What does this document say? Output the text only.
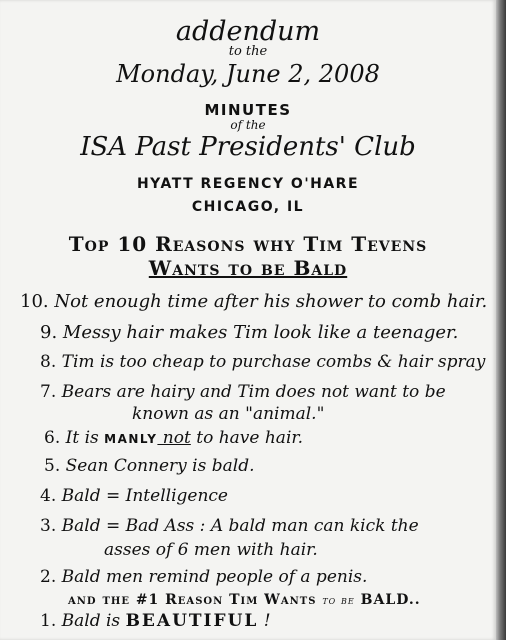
addendum
to the
Monday, June 2, 2008
MINUTES
of the
ISA Past Presidents' Club
HYATT REGENCY O'HARE
CHICAGO, IL
Top 10 Reasons why Tim Tevens
Wants to be Bald
10. Not enough time after his shower to comb hair.
9. Messy hair makes Tim look like a teenager.
8. Tim is too cheap to purchase combs & hair spray
7. Bears are hairy and Tim does not want to be
known as an "animal."
6. It is MANLY not to have hair.
5. Sean Connery is bald.
4. Bald = Intelligence
3. Bald = Bad Ass : A bald man can kick the
asses of 6 men with hair.
2. Bald men remind people of a penis.
and the #1 Reason Tim Wants to be BALD..
1. Bald is BEAUTIFUL !
